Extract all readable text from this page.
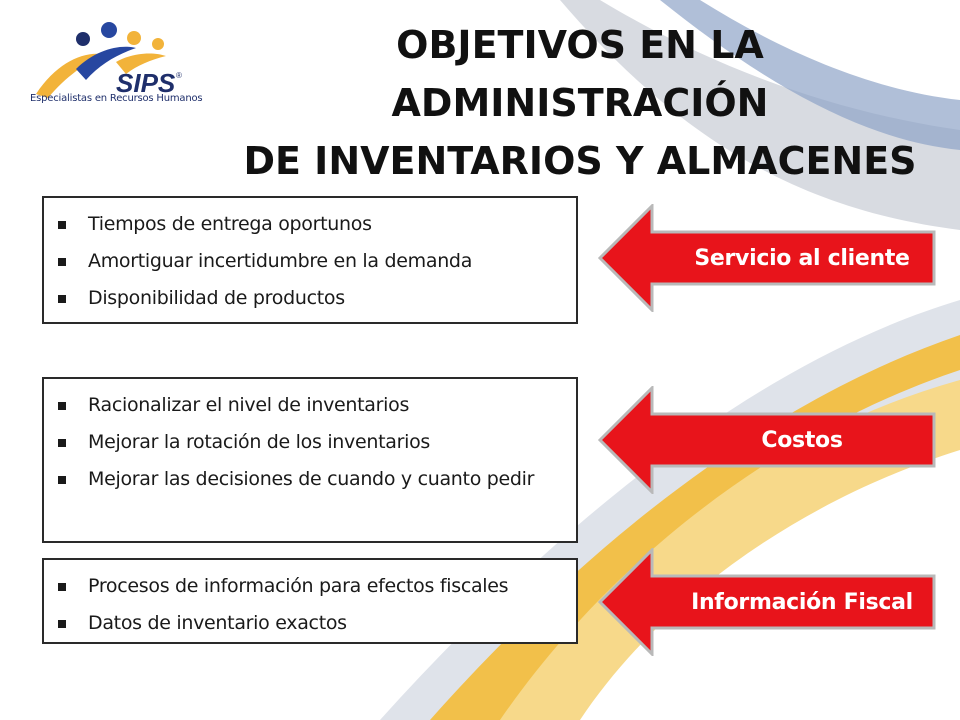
SIPS ®
Especialistas en Recursos Humanos
OBJETIVOS EN LA ADMINISTRACIÓN
DE INVENTARIOS Y ALMACENES
Tiempos de entrega oportunos
Amortiguar incertidumbre en la demanda
Disponibilidad de productos
Servicio al cliente
Racionalizar el nivel de inventarios
Mejorar la rotación de los inventarios
Mejorar las decisiones de cuando y cuanto pedir
Costos
Procesos de información para efectos fiscales
Datos de inventario exactos
Información Fiscal
